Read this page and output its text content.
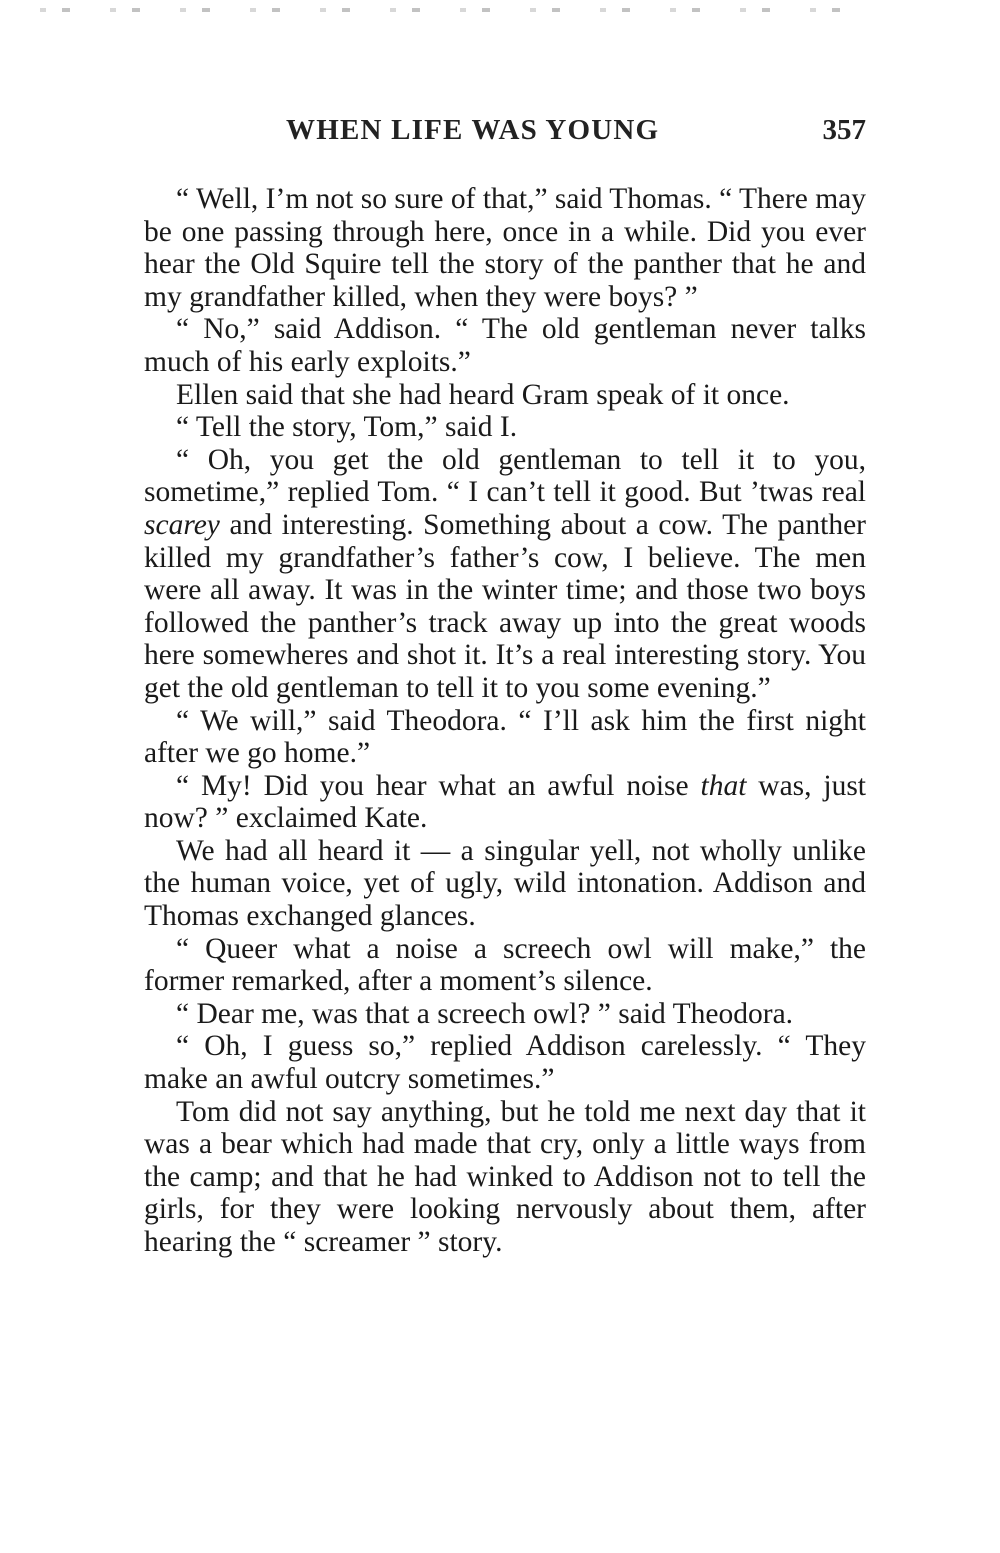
WHEN LIFE WAS YOUNG	357

“ Well, I’m not so sure of that,” said Thomas. “ There may be one passing through here, once in a while. Did you ever hear the Old Squire tell the story of the panther that he and my grandfather killed, when they were boys? ”

“ No,” said Addison. “ The old gentleman never talks much of his early exploits.”

Ellen said that she had heard Gram speak of it once.

“ Tell the story, Tom,” said I.

“ Oh, you get the old gentleman to tell it to you, sometime,” replied Tom. “ I can’t tell it good. But ’twas real scarey and interesting. Something about a cow. The panther killed my grandfather’s father’s cow, I believe. The men were all away. It was in the winter time; and those two boys followed the panther’s track away up into the great woods here somewheres and shot it. It’s a real interesting story. You get the old gentleman to tell it to you some evening.”

“ We will,” said Theodora. “ I’ll ask him the first night after we go home.”

“ My! Did you hear what an awful noise that was, just now? ” exclaimed Kate.

We had all heard it — a singular yell, not wholly unlike the human voice, yet of ugly, wild intonation. Addison and Thomas exchanged glances.

“ Queer what a noise a screech owl will make,” the former remarked, after a moment’s silence.

“ Dear me, was that a screech owl? ” said Theodora.

“ Oh, I guess so,” replied Addison carelessly. “ They make an awful outcry sometimes.”

Tom did not say anything, but he told me next day that it was a bear which had made that cry, only a little ways from the camp; and that he had winked to Addison not to tell the girls, for they were looking nervously about them, after hearing the “ screamer ” story.
